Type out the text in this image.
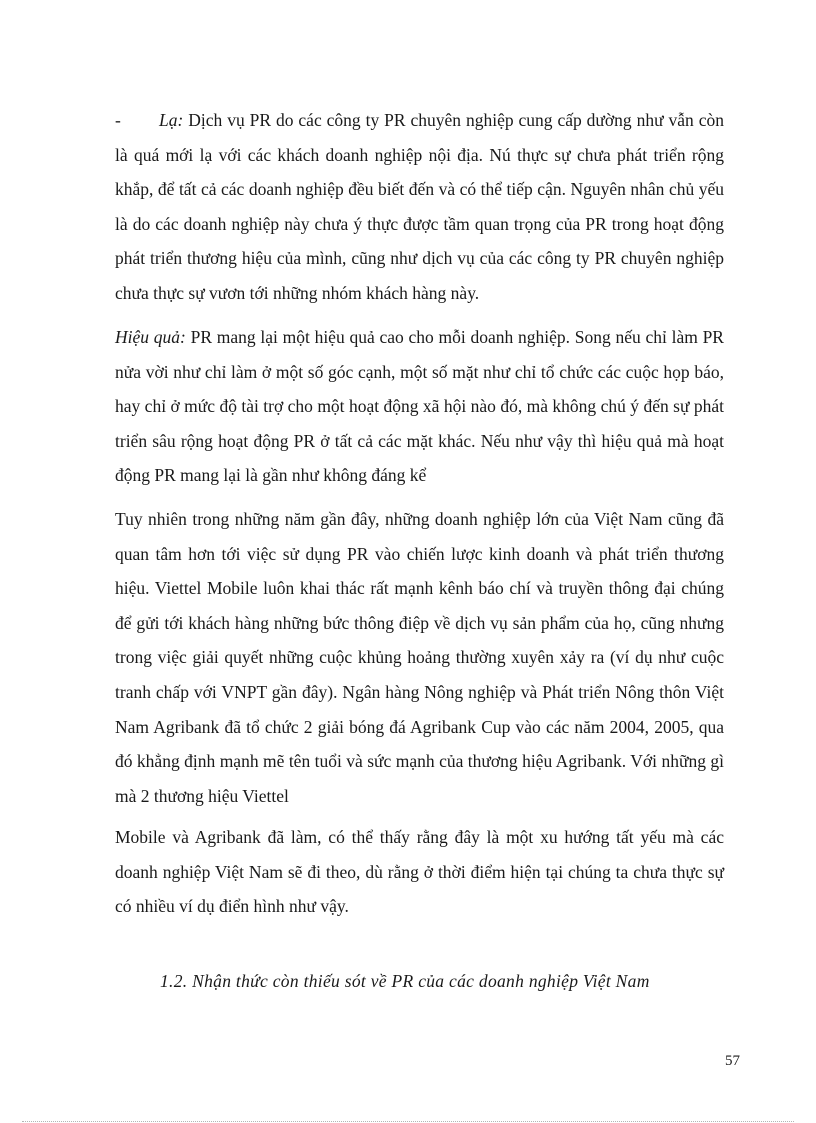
- Lạ: Dịch vụ PR do các công ty PR chuyên nghiệp cung cấp dường như vẫn còn là quá mới lạ với các khách doanh nghiệp nội địa. Nú thực sự chưa phát triển rộng khắp, để tất cả các doanh nghiệp đều biết đến và có thể tiếp cận. Nguyên nhân chủ yếu là do các doanh nghiệp này chưa ý thực được tầm quan trọng của PR trong hoạt động phát triển thương hiệu của mình, cũng như dịch vụ của các công ty PR chuyên nghiệp chưa thực sự vươn tới những nhóm khách hàng này.

Hiệu quả: PR mang lại một hiệu quả cao cho mỗi doanh nghiệp. Song nếu chỉ làm PR nửa vời như chỉ làm ở một số góc cạnh, một số mặt như chỉ tổ chức các cuộc họp báo, hay chỉ ở mức độ tài trợ cho một hoạt động xã hội nào đó, mà không chú ý đến sự phát triển sâu rộng hoạt động PR ở tất cả các mặt khác. Nếu như vậy thì hiệu quả mà hoạt động PR mang lại là gần như không đáng kể

Tuy nhiên trong những năm gần đây, những doanh nghiệp lớn của Việt Nam cũng đã quan tâm hơn tới việc sử dụng PR vào chiến lược kinh doanh và phát triển thương hiệu. Viettel Mobile luôn khai thác rất mạnh kênh báo chí và truyền thông đại chúng để gửi tới khách hàng những bức thông điệp về dịch vụ sản phẩm của họ, cũng nhưng trong việc giải quyết những cuộc khủng hoảng thường xuyên xảy ra (ví dụ như cuộc tranh chấp với VNPT gần đây). Ngân hàng Nông nghiệp và Phát triển Nông thôn Việt Nam Agribank đã tổ chức 2 giải bóng đá Agribank Cup vào các năm 2004, 2005, qua đó khẳng định mạnh mẽ tên tuổi và sức mạnh của thương hiệu Agribank. Với những gì mà 2 thương hiệu Viettel

Mobile và Agribank đã làm, có thể thấy rằng đây là một xu hướng tất yếu mà các doanh nghiệp Việt Nam sẽ đi theo, dù rằng ở thời điểm hiện tại chúng ta chưa thực sự có nhiều ví dụ điển hình như vậy.

1.2. Nhận thức còn thiếu sót về PR của các doanh nghiệp Việt Nam

57
